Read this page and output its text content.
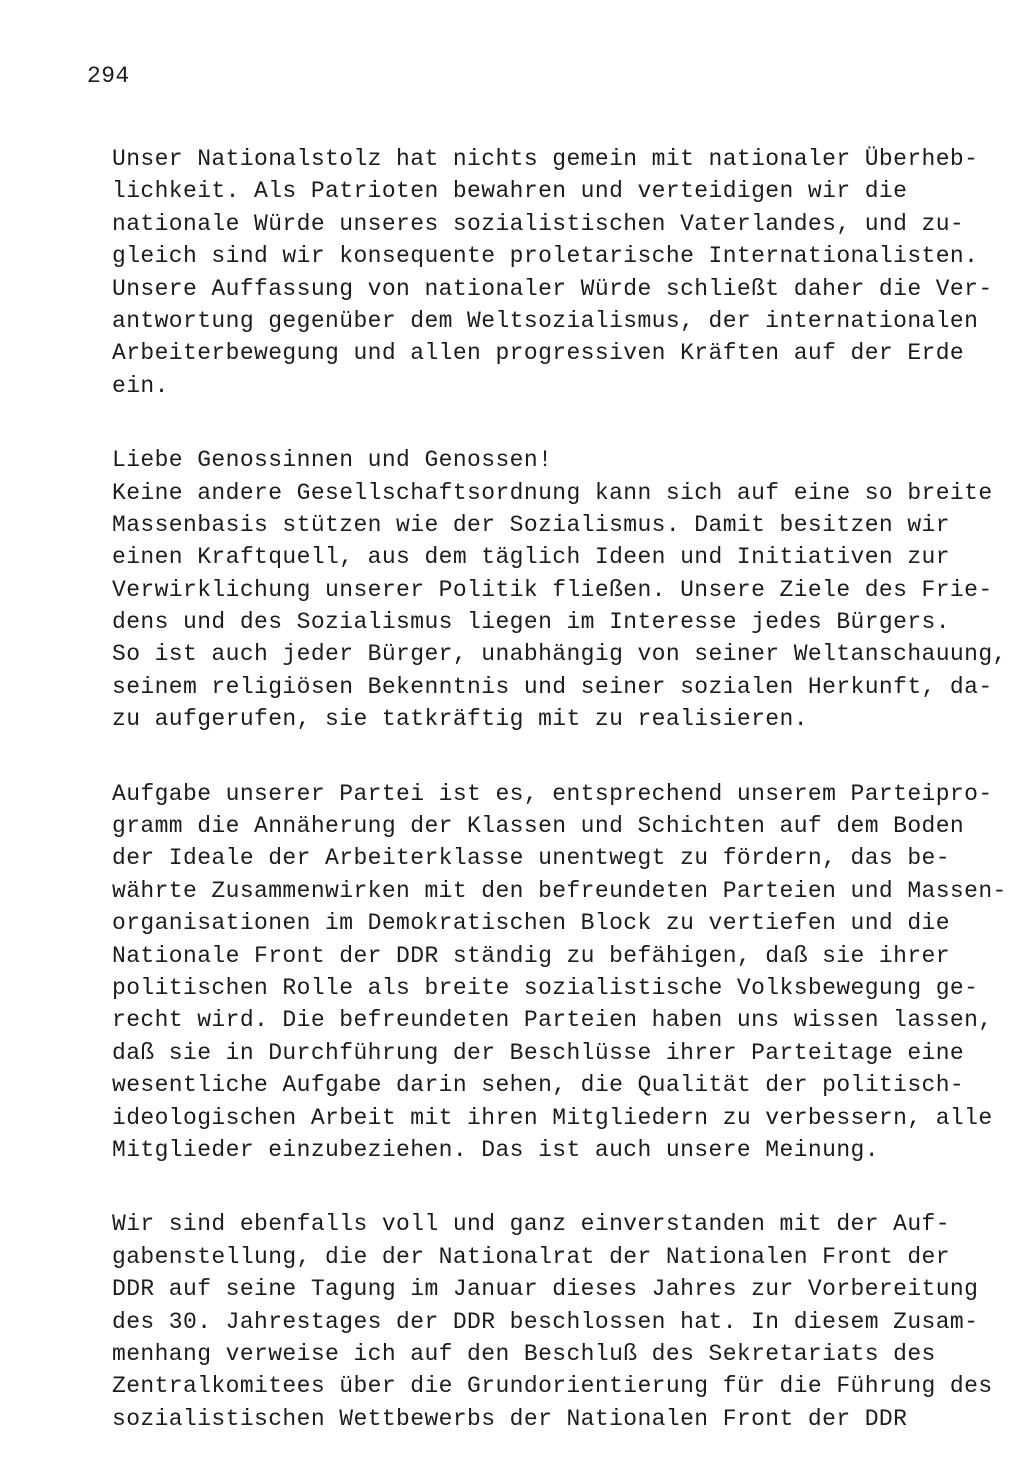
294
Unser Nationalstolz hat nichts gemein mit nationaler Überheb-
lichkeit. Als Patrioten bewahren und verteidigen wir die
nationale Würde unseres sozialistischen Vaterlandes, und zu-
gleich sind wir konsequente proletarische Internationalisten.
Unsere Auffassung von nationaler Würde schließt daher die Ver-
antwortung gegenüber dem Weltsozialismus, der internationalen
Arbeiterbewegung und allen progressiven Kräften auf der Erde
ein.
Liebe Genossinnen und Genossen!
Keine andere Gesellschaftsordnung kann sich auf eine so breite
Massenbasis stützen wie der Sozialismus. Damit besitzen wir
einen Kraftquell, aus dem täglich Ideen und Initiativen zur
Verwirklichung unserer Politik fließen. Unsere Ziele des Frie-
dens und des Sozialismus liegen im Interesse jedes Bürgers.
So ist auch jeder Bürger, unabhängig von seiner Weltanschauung,
seinem religiösen Bekenntnis und seiner sozialen Herkunft, da-
zu aufgerufen, sie tatkräftig mit zu realisieren.
Aufgabe unserer Partei ist es, entsprechend unserem Parteipro-
gramm die Annäherung der Klassen und Schichten auf dem Boden
der Ideale der Arbeiterklasse unentwegt zu fördern, das be-
währte Zusammenwirken mit den befreundeten Parteien und Massen-
organisationen im Demokratischen Block zu vertiefen und die
Nationale Front der DDR ständig zu befähigen, daß sie ihrer
politischen Rolle als breite sozialistische Volksbewegung ge-
recht wird. Die befreundeten Parteien haben uns wissen lassen,
daß sie in Durchführung der Beschlüsse ihrer Parteitage eine
wesentliche Aufgabe darin sehen, die Qualität der politisch-
ideologischen Arbeit mit ihren Mitgliedern zu verbessern, alle
Mitglieder einzubeziehen. Das ist auch unsere Meinung.
Wir sind ebenfalls voll und ganz einverstanden mit der Auf-
gabenstellung, die der Nationalrat der Nationalen Front der
DDR auf seine Tagung im Januar dieses Jahres zur Vorbereitung
des 30. Jahrestages der DDR beschlossen hat. In diesem Zusam-
menhang verweise ich auf den Beschluß des Sekretariats des
Zentralkomitees über die Grundorientierung für die Führung des
sozialistischen Wettbewerbs der Nationalen Front der DDR
